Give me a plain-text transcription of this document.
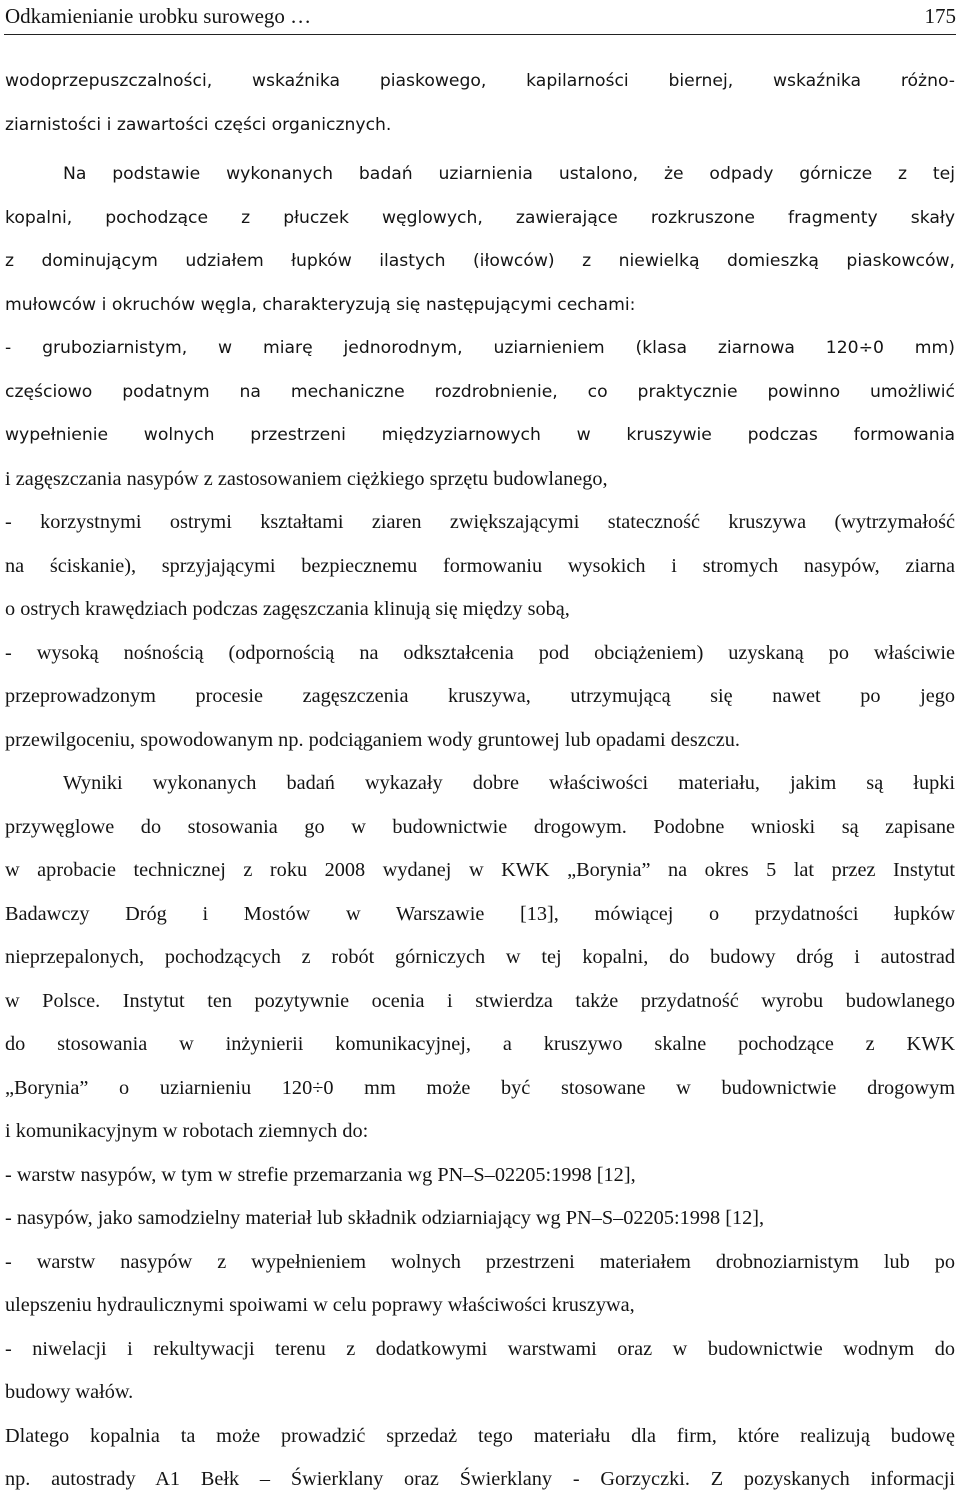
Odkamienianie urobku surowego …	175
wodoprzepuszczalności, wskaźnika piaskowego, kapilarności biernej, wskaźnika różno-
ziarnistości i zawartości części organicznych.
Na podstawie wykonanych badań uziarnienia ustalono, że odpady górnicze z tej
kopalni, pochodzące z płuczek węglowych, zawierające rozkruszone fragmenty skały
z dominującym udziałem łupków ilastych (iłowców) z niewielką domieszką piaskowców,
mułowców i okruchów węgla, charakteryzują się następującymi cechami:
- gruboziarnistym, w miarę jednorodnym, uziarnieniem (klasa ziarnowa 120÷0 mm)
częściowo podatnym na mechaniczne rozdrobnienie, co praktycznie powinno umożliwić
wypełnienie wolnych przestrzeni międzyziarnowych w kruszywie podczas formowania
i zagęszczania nasypów z zastosowaniem ciężkiego sprzętu budowlanego,
- korzystnymi ostrymi kształtami ziaren zwiększającymi stateczność kruszywa (wytrzymałość
na ściskanie), sprzyjającymi bezpiecznemu formowaniu wysokich i stromych nasypów, ziarna
o ostrych krawędziach podczas zagęszczania klinują się między sobą,
- wysoką nośnością (odpornością na odkształcenia pod obciążeniem) uzyskaną po właściwie
przeprowadzonym procesie zagęszczenia kruszywa, utrzymującą się nawet po jego
przewilgoceniu, spowodowanym np. podciąganiem wody gruntowej lub opadami deszczu.
Wyniki wykonanych badań wykazały dobre właściwości materiału, jakim są łupki
przywęglowe do stosowania go w budownictwie drogowym. Podobne wnioski są zapisane
w aprobacie technicznej z roku 2008 wydanej w KWK „Borynia” na okres 5 lat przez Instytut
Badawczy Dróg i Mostów w Warszawie [13], mówiącej o przydatności łupków
nieprzepalonych, pochodzących z robót górniczych w tej kopalni, do budowy dróg i autostrad
w Polsce. Instytut ten pozytywnie ocenia i stwierdza także przydatność wyrobu budowlanego
do stosowania w inżynierii komunikacyjnej, a kruszywo skalne pochodzące z KWK
„Borynia” o uziarnieniu 120÷0 mm może być stosowane w budownictwie drogowym
i komunikacyjnym w robotach ziemnych do:
- warstw nasypów, w tym w strefie przemarzania wg PN–S–02205:1998 [12],
- nasypów, jako samodzielny materiał lub składnik odziarniający wg PN–S–02205:1998 [12],
- warstw nasypów z wypełnieniem wolnych przestrzeni materiałem drobnoziarnistym lub po
ulepszeniu hydraulicznymi spoiwami w celu poprawy właściwości kruszywa,
- niwelacji i rekultywacji terenu z dodatkowymi warstwami oraz w budownictwie wodnym do
budowy wałów.
Dlatego kopalnia ta może prowadzić sprzedaż tego materiału dla firm, które realizują budowę
np. autostrady A1 Bełk – Świerklany oraz Świerklany - Gorzyczki. Z pozyskanych informacji
